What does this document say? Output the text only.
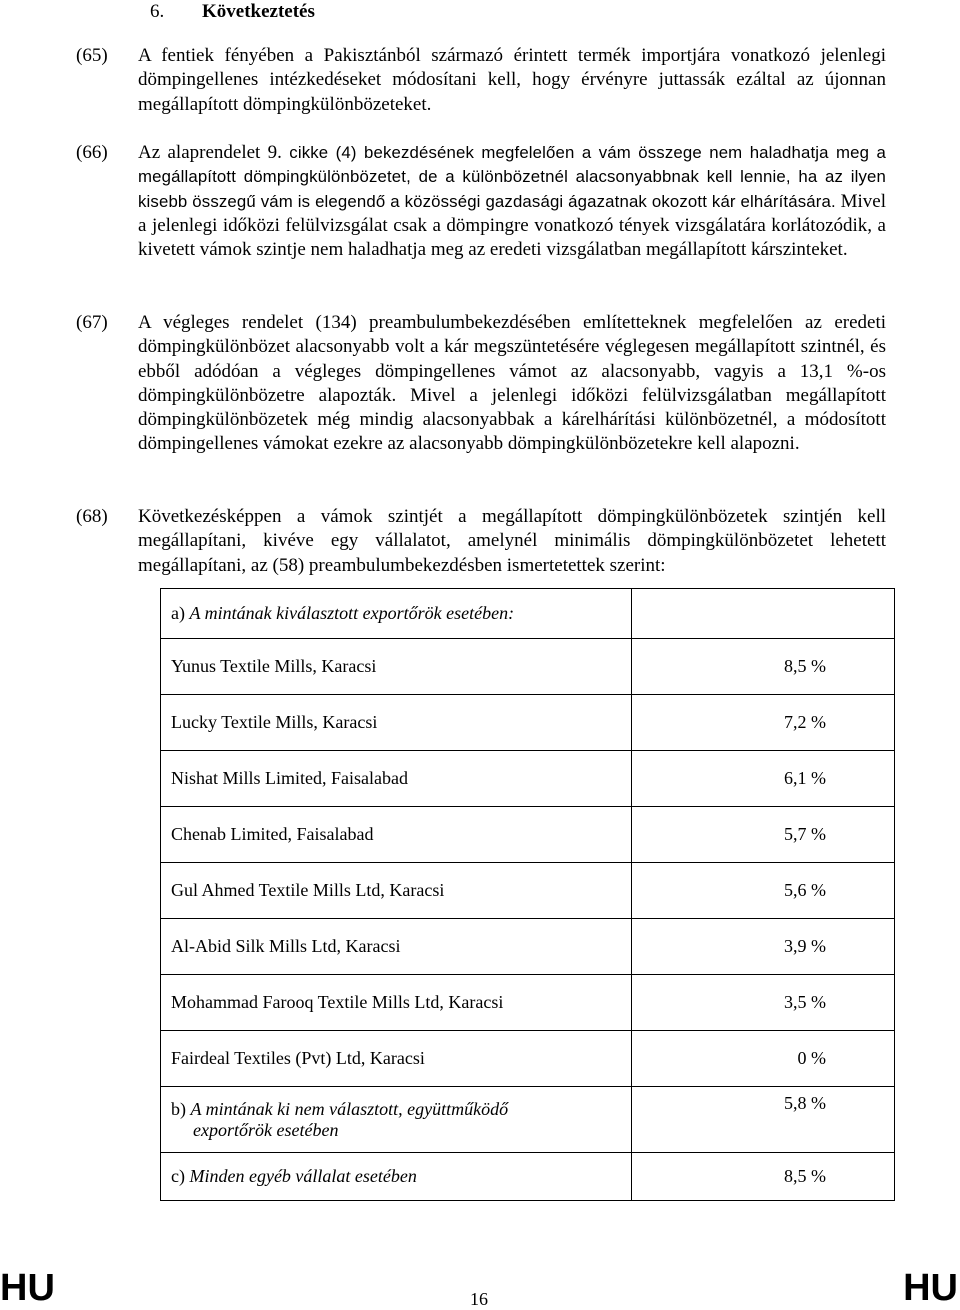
6. Következtetés
(65) A fentiek fényében a Pakisztánból származó érintett termék importjára vonatkozó jelenlegi dömpingellenes intézkedéseket módosítani kell, hogy érvényre juttassák ezáltal az újonnan megállapított dömpingkülönbözeteket.
(66) Az alaprendelet 9. cikke (4) bekezdésének megfelelően a vám összege nem haladhatja meg a megállapított dömpingkülönbözetet, de a különbözetnél alacsonyabbnak kell lennie, ha az ilyen kisebb összegű vám is elegendő a közösségi gazdasági ágazatnak okozott kár elhárítására. Mivel a jelenlegi időközi felülvizsgálat csak a dömpingre vonatkozó tények vizsgálatára korlátozódik, a kivetett vámok szintje nem haladhatja meg az eredeti vizsgálatban megállapított kárszinteket.
(67) A végleges rendelet (134) preambulumbekezdésében említetteknek megfelelően az eredeti dömpingkülönbözet alacsonyabb volt a kár megszüntetésére véglegesen megállapított szintnél, és ebből adódóan a végleges dömpingellenes vámot az alacsonyabb, vagyis a 13,1 %-os dömpingkülönbözetre alapozták. Mivel a jelenlegi időközi felülvizsgálatban megállapított dömpingkülönbözetek még mindig alacsonyabbak a kárelhárítási különbözetnél, a módosított dömpingellenes vámokat ezekre az alacsonyabb dömpingkülönbözetekre kell alapozni.
(68) Következésképpen a vámok szintjét a megállapított dömpingkülönbözetek szintjén kell megállapítani, kivéve egy vállalatot, amelynél minimális dömpingkülönbözetet lehetett megállapítani, az (58) preambulumbekezdésben ismertetettek szerint:
a) A mintának kiválasztott exportőrök esetében:	
Yunus Textile Mills, Karacsi	8,5 %
Lucky Textile Mills, Karacsi	7,2 %
Nishat Mills Limited, Faisalabad	6,1 %
Chenab Limited, Faisalabad	5,7 %
Gul Ahmed Textile Mills Ltd, Karacsi	5,6 %
Al-Abid Silk Mills Ltd, Karacsi	3,9 %
Mohammad Farooq Textile Mills Ltd, Karacsi	3,5 %
Fairdeal Textiles (Pvt) Ltd, Karacsi	0 %
b) A mintának ki nem választott, együttműködő
exportőrök esetében	5,8 %
c) Minden egyéb vállalat esetében	8,5 %
HU	16	HU
